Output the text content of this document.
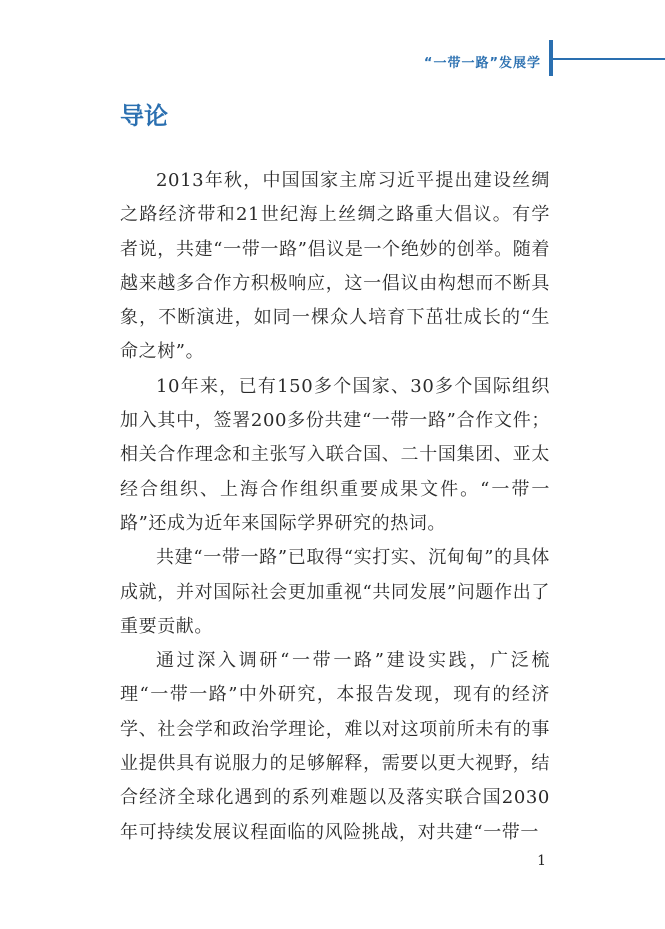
“一带一路”发展学
导论

2013年秋，中国国家主席习近平提出建设丝绸之路经济带和21世纪海上丝绸之路重大倡议。有学者说，共建“一带一路”倡议是一个绝妙的创举。随着越来越多合作方积极响应，这一倡议由构想而不断具象，不断演进，如同一棵众人培育下茁壮成长的“生命之树”。

10年来，已有150多个国家、30多个国际组织加入其中，签署200多份共建“一带一路”合作文件；相关合作理念和主张写入联合国、二十国集团、亚太经合组织、上海合作组织重要成果文件。“一带一路”还成为近年来国际学界研究的热词。

共建“一带一路”已取得“实打实、沉甸甸”的具体成就，并对国际社会更加重视“共同发展”问题作出了重要贡献。

通过深入调研“一带一路”建设实践，广泛梳理“一带一路”中外研究，本报告发现，现有的经济学、社会学和政治学理论，难以对这项前所未有的事业提供具有说服力的足够解释，需要以更大视野，结合经济全球化遇到的系列难题以及落实联合国2030年可持续发展议程面临的风险挑战，对共建“一带一

1
